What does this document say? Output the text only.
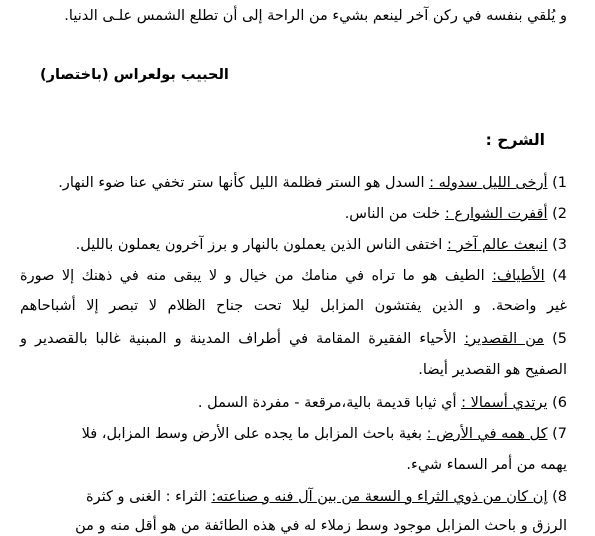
و يُلقي بنفسه في ركن آخر لينعم بشيء من الراحة إلى أن تطلع الشمس علـى الدنيا.
الحبيب بولعراس (باختصار)
الشرح :
1) أرخى الليل سدوله : السدل هو الستر فظلمة الليل كأنها ستر تخفي عنا ضوء النهار.
2) أقفرت الشوارع : خلت من الناس.
3) انبعث عالم آخر : اختفى الناس الذين يعملون بالنهار و برز آخرون يعملون بالليل.
4) الأطياف: الطيف هو ما تراه في منامك من خيال و لا يبقى منه في ذهنك إلا صورة
غير واضحة. و الذين يفتشون المزابل ليلا تحت جناح الظلام لا تبصر إلا أشباحاهم
5) من القصدير: الأحياء الفقيرة المقامة في أطراف المدينة و المبنية غالبا بالقصدير و
الصفيح هو القصدير أيضا.
6) يرتدي أسمالا : أي ثيابا قديمة بالية،مرقعة - مفردة السمل .
7) كل همه في الأرض : بغية باحث المزابل ما يجده على الأرض وسط المزابل، فلا
يهمه من أمر السماء شيء.
8) إن كان من ذوي الثراء و السعة من بين آل فنه و صناعته: الثراء : الغنى و كثرة
الرزق و باحث المزابل موجود وسط زملاء له في هذه الطائفة من هو أقل منه و من
